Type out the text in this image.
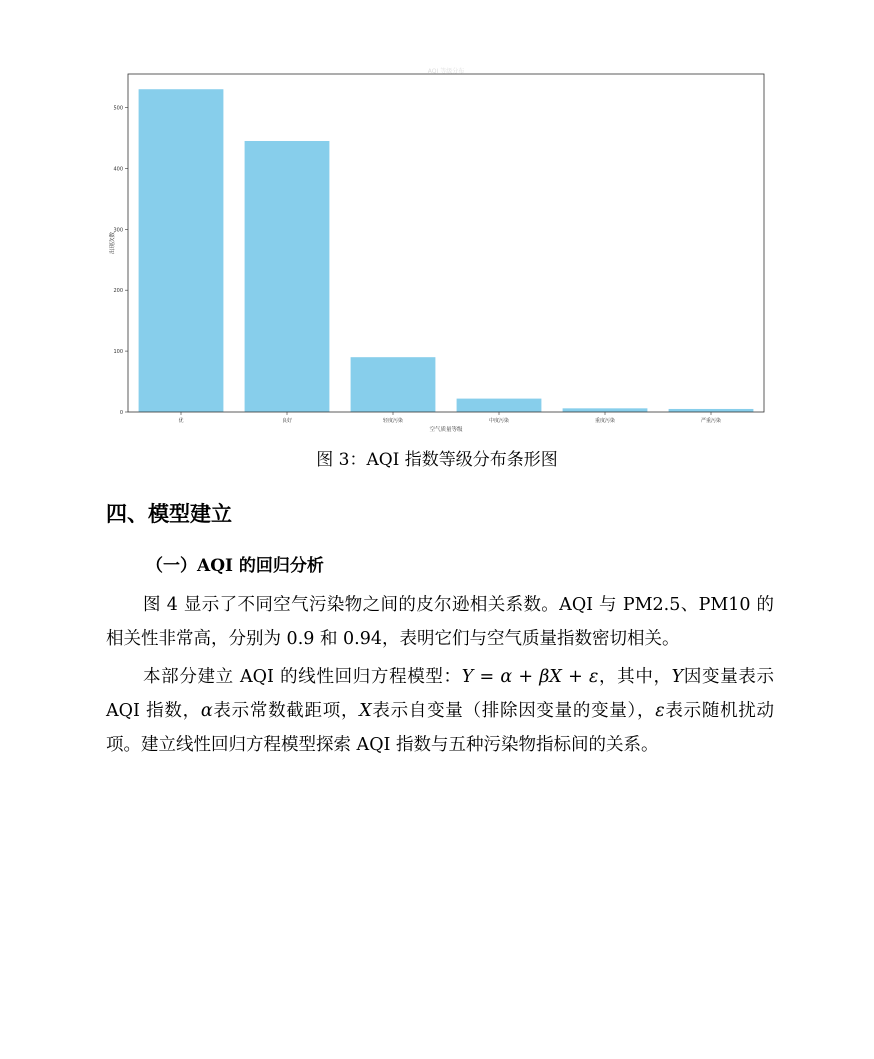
AQI 等级分布
0
100
200
300
400
500
优	良好	轻度污染	中度污染	重度污染	严重污染
空气质量等级
出现次数
图 3：AQI 指数等级分布条形图
四、模型建立
（一）AQI 的回归分析

图 4 显示了不同空气污染物之间的皮尔逊相关系数。AQI 与 PM2.5、PM10 的相关性非常高，分别为 0.9 和 0.94，表明它们与空气质量指数密切相关。

本部分建立 AQI 的线性回归方程模型：Y = α + βX + ε，其中，Y因变量表示 AQI 指数，α表示常数截距项，X表示自变量（排除因变量的变量），ε表示随机扰动项。建立线性回归方程模型探索 AQI 指数与五种污染物指标间的关系。
